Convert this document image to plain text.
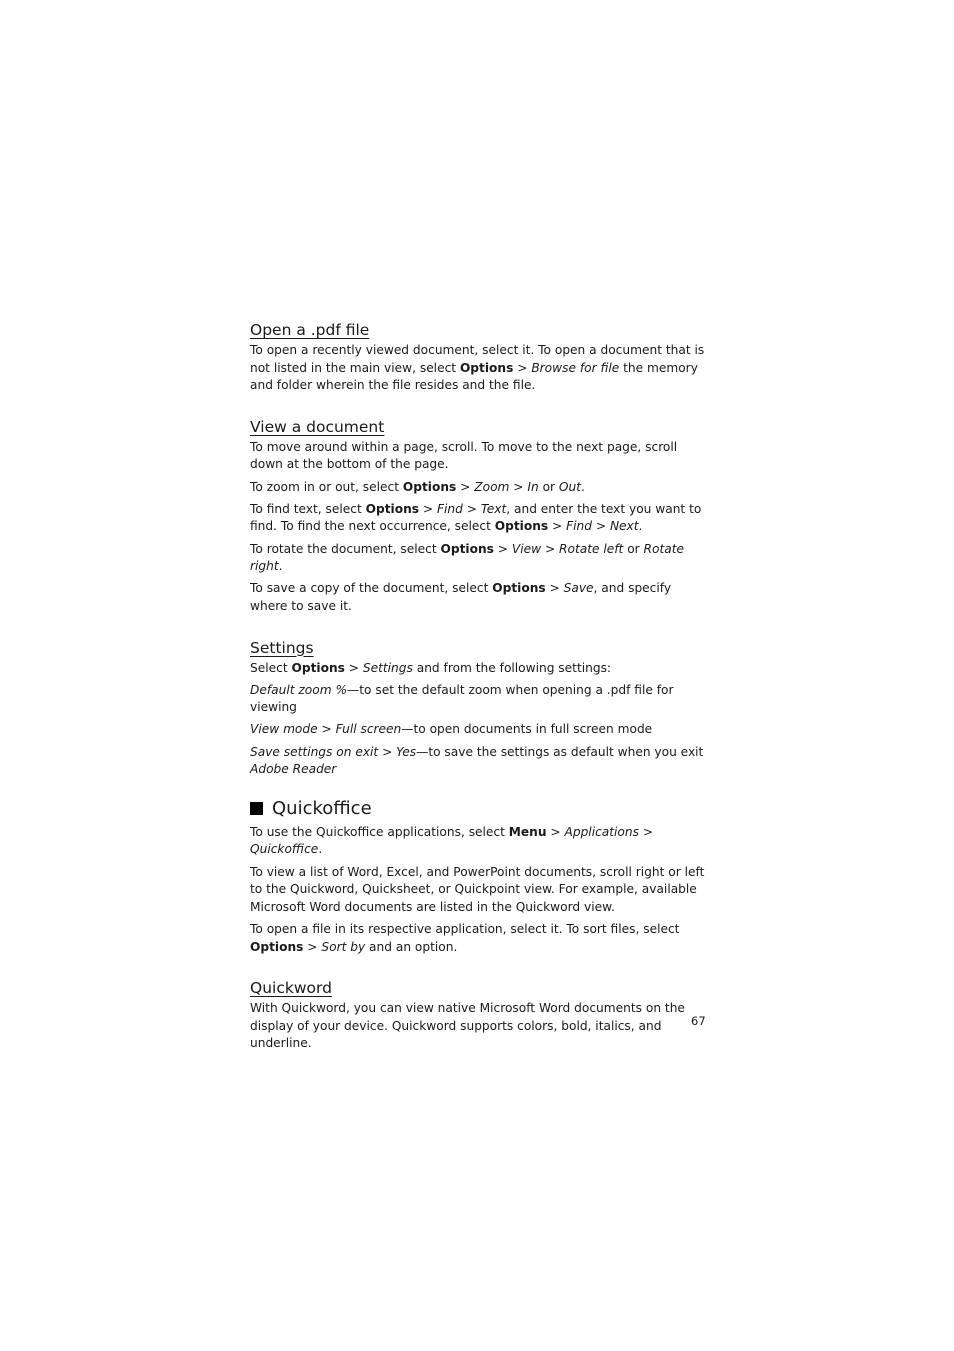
Open a .pdf file

To open a recently viewed document, select it. To open a document that is not listed in the main view, select Options > Browse for file the memory and folder wherein the file resides and the file.

View a document

To move around within a page, scroll. To move to the next page, scroll down at the bottom of the page.

To zoom in or out, select Options > Zoom > In or Out.

To find text, select Options > Find > Text, and enter the text you want to find. To find the next occurrence, select Options > Find > Next.

To rotate the document, select Options > View > Rotate left or Rotate right.

To save a copy of the document, select Options > Save, and specify where to save it.

Settings

Select Options > Settings and from the following settings:

Default zoom %—to set the default zoom when opening a .pdf file for viewing

View mode > Full screen—to open documents in full screen mode

Save settings on exit > Yes—to save the settings as default when you exit Adobe Reader

Quickoffice

To use the Quickoffice applications, select Menu > Applications > Quickoffice.

To view a list of Word, Excel, and PowerPoint documents, scroll right or left to the Quickword, Quicksheet, or Quickpoint view. For example, available Microsoft Word documents are listed in the Quickword view.

To open a file in its respective application, select it. To sort files, select Options > Sort by and an option.

Quickword

With Quickword, you can view native Microsoft Word documents on the display of your device. Quickword supports colors, bold, italics, and underline.

67
